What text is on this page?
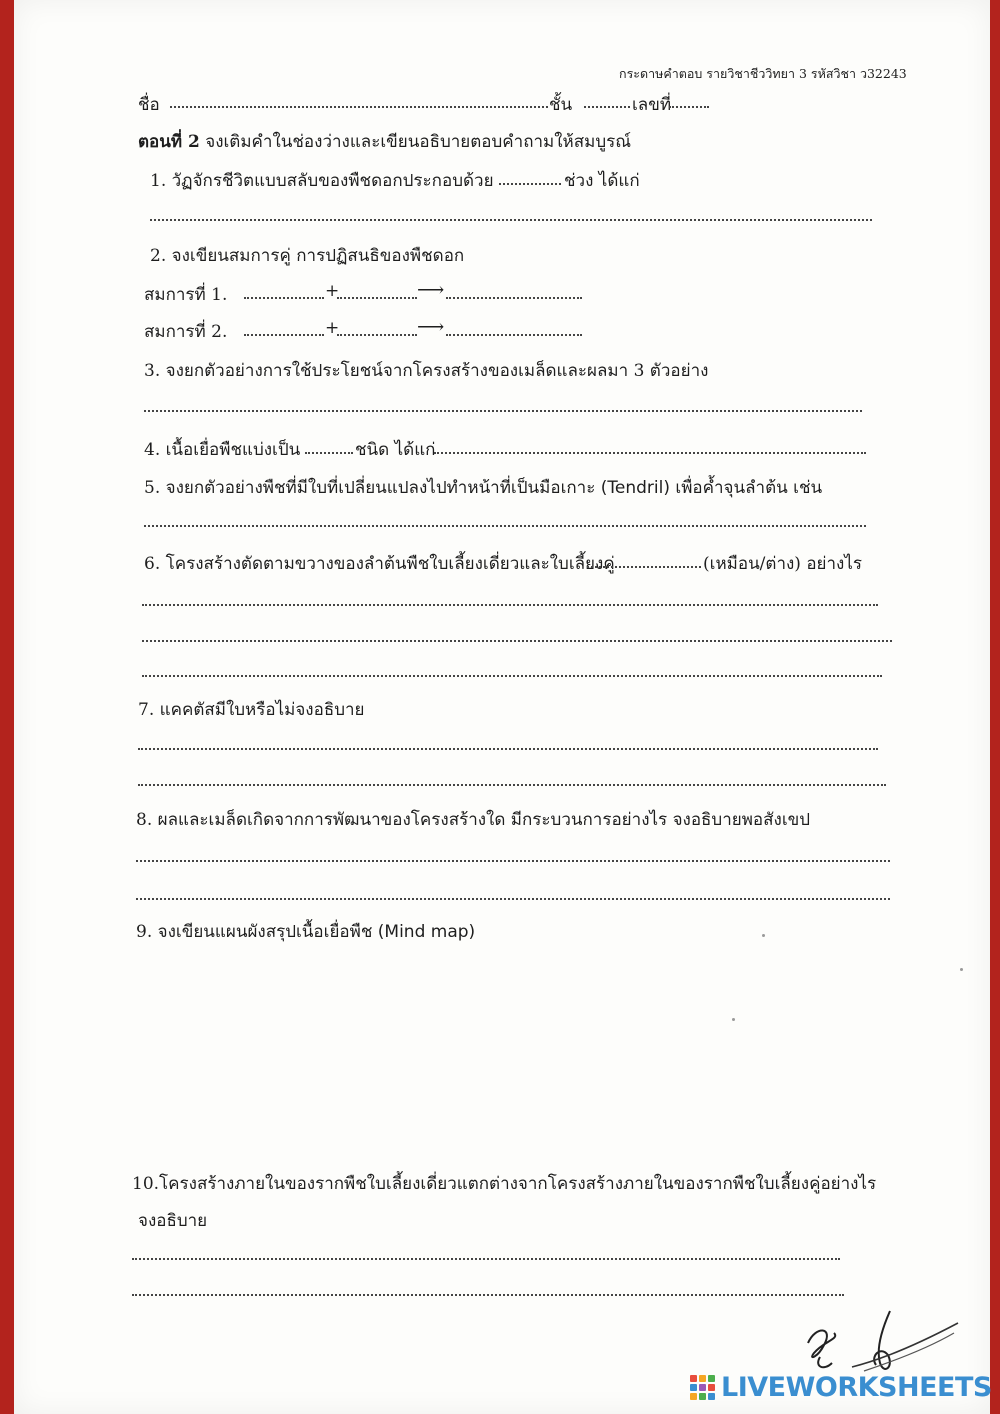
กระดาษคำตอบ รายวิชาชีววิทยา 3 รหัสวิชา ว32243
ชื่อ	ชั้น	เลขที่
ตอนที่ 2 จงเติมคำในช่องว่างและเขียนอธิบายตอบคำถามให้สมบูรณ์
1. วัฏจักรชีวิตแบบสลับของพืชดอกประกอบด้วย	ช่วง ได้แก่
2. จงเขียนสมการคู่ การปฏิสนธิของพืชดอก
สมการที่ 1.	+	⟶
สมการที่ 2.	+	⟶
3. จงยกตัวอย่างการใช้ประโยชน์จากโครงสร้างของเมล็ดและผลมา 3 ตัวอย่าง
4. เนื้อเยื่อพืชแบ่งเป็น	ชนิด ได้แก่
5. จงยกตัวอย่างพืชที่มีใบที่เปลี่ยนแปลงไปทำหน้าที่เป็นมือเกาะ (Tendril) เพื่อค้ำจุนลำต้น เช่น
6. โครงสร้างตัดตามขวางของลำต้นพืชใบเลี้ยงเดี่ยวและใบเลี้ยงคู่	(เหมือน/ต่าง) อย่างไร
7. แคคตัสมีใบหรือไม่จงอธิบาย
8. ผลและเมล็ดเกิดจากการพัฒนาของโครงสร้างใด มีกระบวนการอย่างไร จงอธิบายพอสังเขป
9. จงเขียนแผนผังสรุปเนื้อเยื่อพืช (Mind map)
10.โครงสร้างภายในของรากพืชใบเลี้ยงเดี่ยวแตกต่างจากโครงสร้างภายในของรากพืชใบเลี้ยงคู่อย่างไร
จงอธิบาย
LIVEWORKSHEETS
